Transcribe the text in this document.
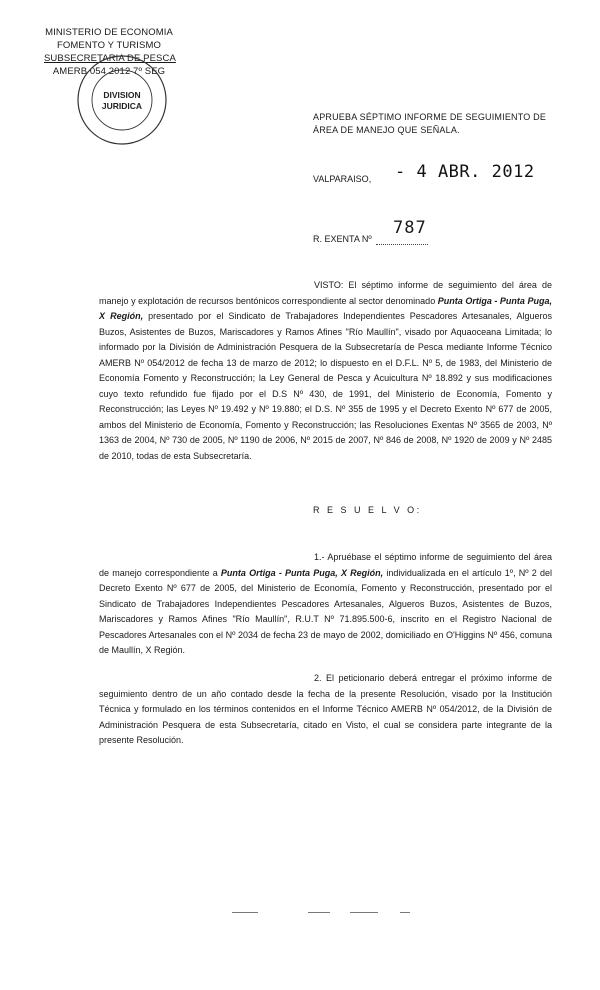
MINISTERIO DE ECONOMIA
FOMENTO Y TURISMO
SUBSECRETARIA DE PESCA
AMERB 054 2012 7º SEG
DIVISION
JURIDICA
APRUEBA SÉPTIMO INFORME DE SEGUIMIENTO DE ÁREA DE MANEJO QUE SEÑALA.
VALPARAISO, - 4 ABR. 2012
R. EXENTA Nº
787
VISTO: El séptimo informe de seguimiento del área de manejo y explotación de recursos bentónicos correspondiente al sector denominado Punta Ortiga - Punta Puga, X Región, presentado por el Sindicato de Trabajadores Independientes Pescadores Artesanales, Algueros Buzos, Asistentes de Buzos, Mariscadores y Ramos Afines "Río Maullín", visado por Aquaoceana Limitada; lo informado por la División de Administración Pesquera de la Subsecretaría de Pesca mediante Informe Técnico AMERB Nº 054/2012 de fecha 13 de marzo de 2012; lo dispuesto en el D.F.L. Nº 5, de 1983, del Ministerio de Economía Fomento y Reconstrucción; la Ley General de Pesca y Acuicultura Nº 18.892 y sus modificaciones cuyo texto refundido fue fijado por el D.S Nº 430, de 1991, del Ministerio de Economía, Fomento y Reconstrucción; las Leyes Nº 19.492 y Nº 19.880; el D.S. Nº 355 de 1995 y el Decreto Exento Nº 677 de 2005, ambos del Ministerio de Economía, Fomento y Reconstrucción; las Resoluciones Exentas Nº 3565 de 2003, Nº 1363 de 2004, Nº 730 de 2005, Nº 1190 de 2006, Nº 2015 de 2007, Nº 846 de 2008, Nº 1920 de 2009 y Nº 2485 de 2010, todas de esta Subsecretaría.
R E S U E L V O:
1.- Apruébase el séptimo informe de seguimiento del área de manejo correspondiente a Punta Ortiga - Punta Puga, X Región, individualizada en el artículo 1º, Nº 2 del Decreto Exento Nº 677 de 2005, del Ministerio de Economía, Fomento y Reconstrucción, presentado por el Sindicato de Trabajadores Independientes Pescadores Artesanales, Algueros Buzos, Asistentes de Buzos, Mariscadores y Ramos Afines "Río Maullín", R.U.T Nº 71.895.500-6, inscrito en el Registro Nacional de Pescadores Artesanales con el Nº 2034 de fecha 23 de mayo de 2002, domiciliado en O'Higgins Nº 456, comuna de Maullín, X Región.
2. El peticionario deberá entregar el próximo informe de seguimiento dentro de un año contado desde la fecha de la presente Resolución, visado por la Institución Técnica y formulado en los términos contenidos en el Informe Técnico AMERB Nº 054/2012, de la División de Administración Pesquera de esta Subsecretaría, citado en Visto, el cual se considera parte integrante de la presente Resolución.
